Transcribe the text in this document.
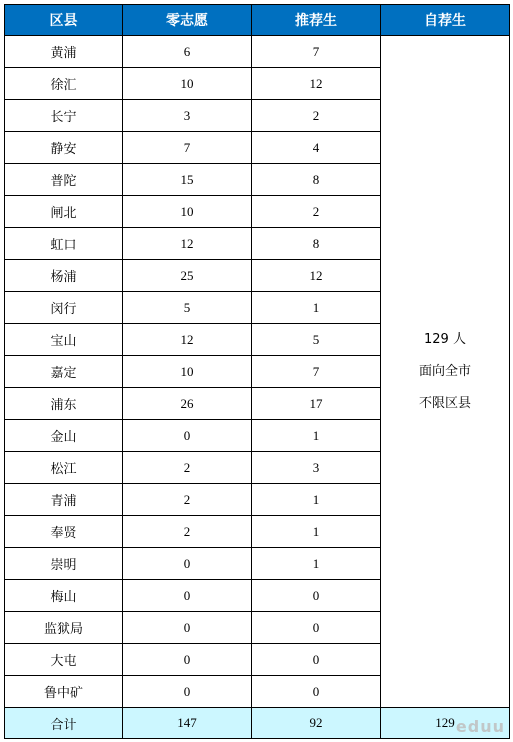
区县	零志愿	推荐生	自荐生
黄浦	6	7	129 人
面向全市
不限区县

徐汇	10	12	
长宁	3	2	
静安	7	4	
普陀	15	8	
闸北	10	2	
虹口	12	8	
杨浦	25	12	
闵行	5	1	
宝山	12	5	
嘉定	10	7	
浦东	26	17	
金山	0	1	
松江	2	3	
青浦	2	1	
奉贤	2	1	
崇明	0	1	
梅山	0	0	
监狱局	0	0	
大屯	0	0	
鲁中矿	0	0	
合计	147	92	129 eduu
